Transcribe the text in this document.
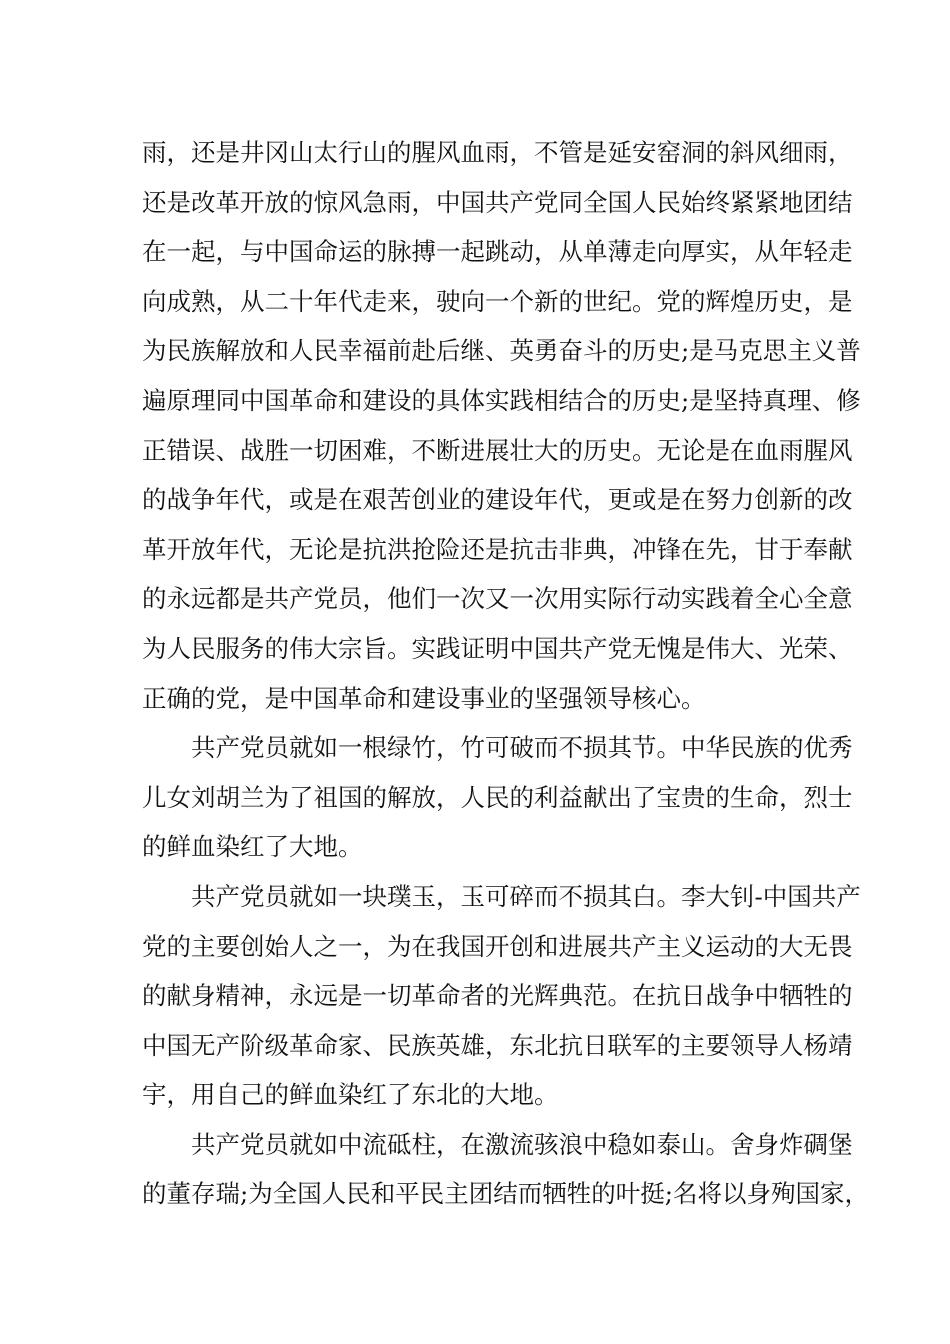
雨，还是井冈山太行山的腥风血雨，不管是延安窑洞的斜风细雨，
还是改革开放的惊风急雨，中国共产党同全国人民始终紧紧地团结
在一起，与中国命运的脉搏一起跳动，从单薄走向厚实，从年轻走
向成熟，从二十年代走来，驶向一个新的世纪。党的辉煌历史，是
为民族解放和人民幸福前赴后继、英勇奋斗的历史;是马克思主义普
遍原理同中国革命和建设的具体实践相结合的历史;是坚持真理、修
正错误、战胜一切困难，不断进展壮大的历史。无论是在血雨腥风
的战争年代，或是在艰苦创业的建设年代，更或是在努力创新的改
革开放年代，无论是抗洪抢险还是抗击非典，冲锋在先，甘于奉献
的永远都是共产党员，他们一次又一次用实际行动实践着全心全意
为人民服务的伟大宗旨。实践证明中国共产党无愧是伟大、光荣、
正确的党，是中国革命和建设事业的坚强领导核心。
共产党员就如一根绿竹，竹可破而不损其节。中华民族的优秀
儿女刘胡兰为了祖国的解放，人民的利益献出了宝贵的生命，烈士
的鲜血染红了大地。
共产党员就如一块璞玉，玉可碎而不损其白。李大钊-中国共产
党的主要创始人之一，为在我国开创和进展共产主义运动的大无畏
的献身精神，永远是一切革命者的光辉典范。在抗日战争中牺牲的
中国无产阶级革命家、民族英雄，东北抗日联军的主要领导人杨靖
宇，用自己的鲜血染红了东北的大地。
共产党员就如中流砥柱，在激流骇浪中稳如泰山。舍身炸碉堡
的董存瑞;为全国人民和平民主团结而牺牲的叶挺;名将以身殉国家，
